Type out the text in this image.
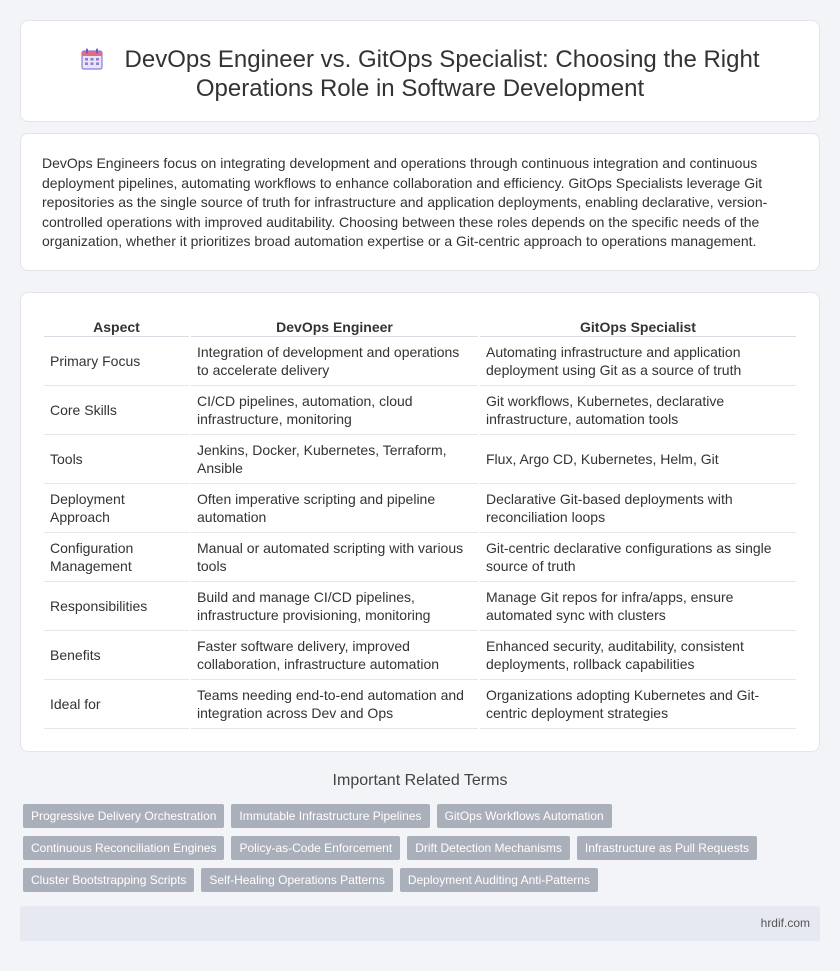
DevOps Engineer vs. GitOps Specialist: Choosing the Right Operations Role in Software Development

DevOps Engineers focus on integrating development and operations through continuous integration and continuous deployment pipelines, automating workflows to enhance collaboration and efficiency. GitOps Specialists leverage Git repositories as the single source of truth for infrastructure and application deployments, enabling declarative, version-controlled operations with improved auditability. Choosing between these roles depends on the specific needs of the organization, whether it prioritizes broad automation expertise or a Git-centric approach to operations management.

Aspect	DevOps Engineer	GitOps Specialist
Primary Focus	Integration of development and operations to accelerate delivery	Automating infrastructure and application deployment using Git as a source of truth
Core Skills	CI/CD pipelines, automation, cloud infrastructure, monitoring	Git workflows, Kubernetes, declarative infrastructure, automation tools
Tools	Jenkins, Docker, Kubernetes, Terraform, Ansible	Flux, Argo CD, Kubernetes, Helm, Git
Deployment Approach	Often imperative scripting and pipeline automation	Declarative Git-based deployments with reconciliation loops
Configuration Management	Manual or automated scripting with various tools	Git-centric declarative configurations as single source of truth
Responsibilities	Build and manage CI/CD pipelines, infrastructure provisioning, monitoring	Manage Git repos for infra/apps, ensure automated sync with clusters
Benefits	Faster software delivery, improved collaboration, infrastructure automation	Enhanced security, auditability, consistent deployments, rollback capabilities
Ideal for	Teams needing end-to-end automation and integration across Dev and Ops	Organizations adopting Kubernetes and Git-centric deployment strategies
Important Related Terms
Progressive Delivery Orchestration	Immutable Infrastructure Pipelines	GitOps Workflows Automation
Continuous Reconciliation Engines	Policy-as-Code Enforcement	Drift Detection Mechanisms	Infrastructure as Pull Requests
Cluster Bootstrapping Scripts	Self-Healing Operations Patterns	Deployment Auditing Anti-Patterns
hrdif.com
